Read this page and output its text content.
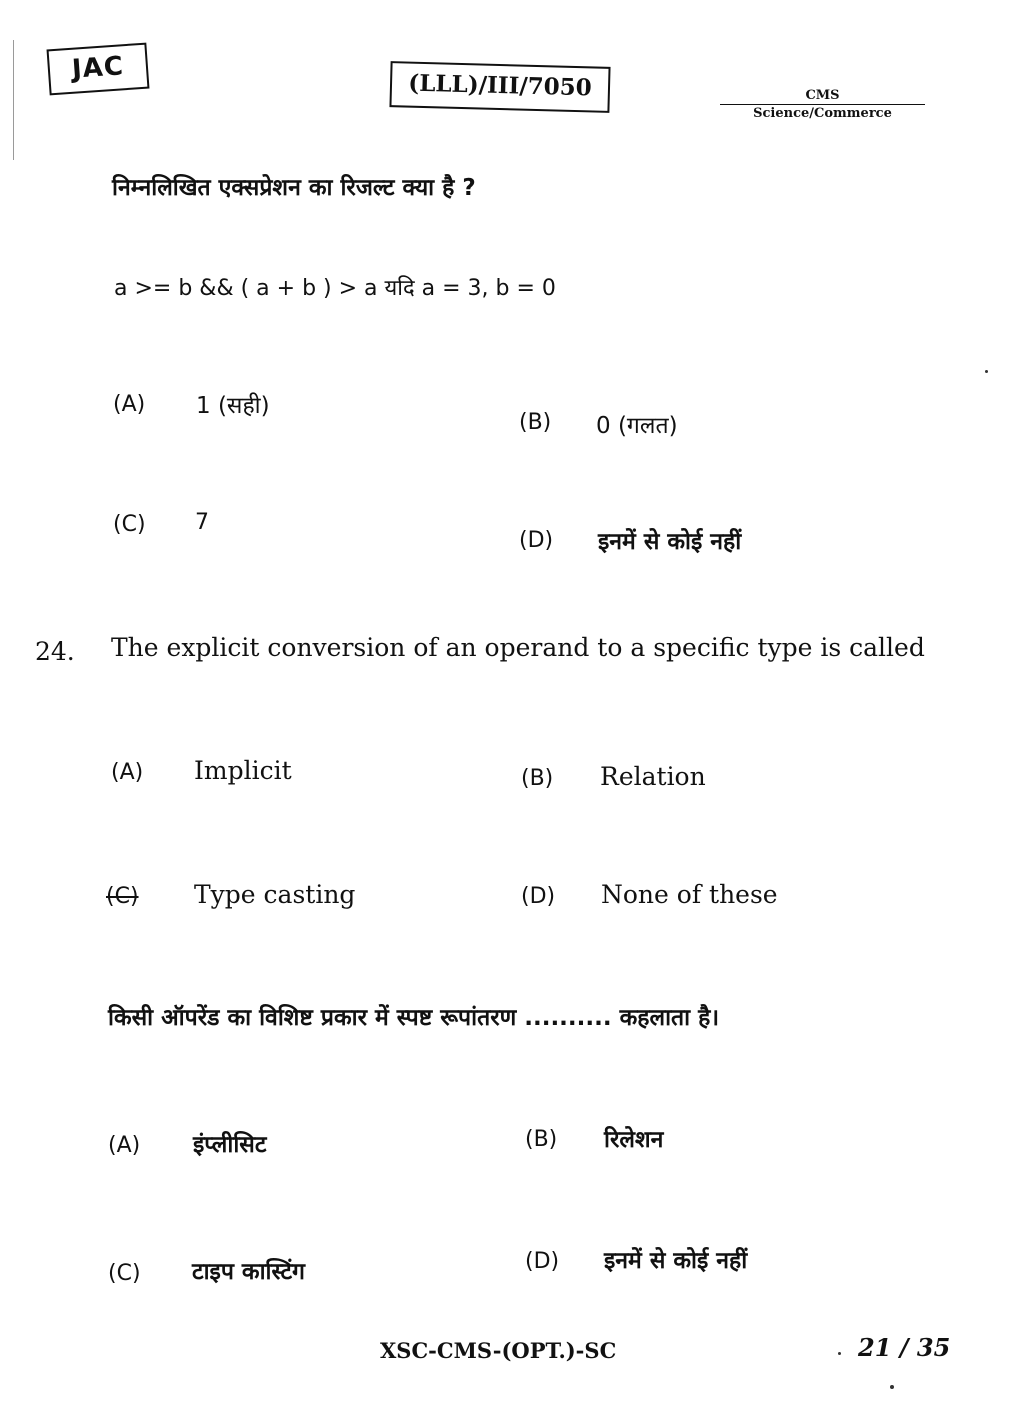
JAC
(LLL)/III/7050	CMS
Science/Commerce
निम्नलिखित एक्सप्रेशन का रिजल्ट क्या है ?
a >= b && ( a + b ) > a यदि a = 3, b = 0
(A) 1 (सही)
(B) 0 (गलत)
(C) 7
(D) इनमें से कोई नहीं
24. The explicit conversion of an operand to a specific type is called
(A) Implicit	(B) Relation
(C) Type casting	(D) None of these
किसी ऑपरेंड का विशिष्ट प्रकार में स्पष्ट रूपांतरण .......... कहलाता है।
(A) इंप्लीसिट	(B) रिलेशन
(C) टाइप कास्टिंग	(D) इनमें से कोई नहीं
XSC-CMS-(OPT.)-SC	21 / 35
